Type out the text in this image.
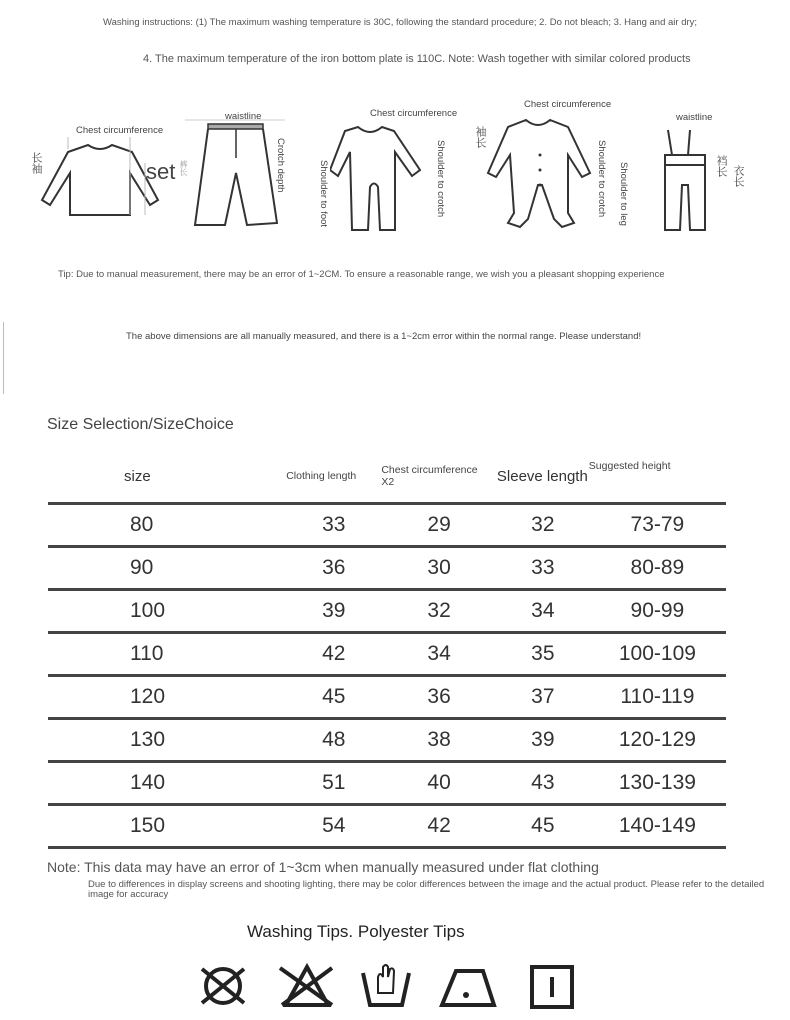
Washing instructions: (1) The maximum washing temperature is 30C, following the standard procedure; 2. Do not bleach; 3. Hang and air dry;
4. The maximum temperature of the iron bottom plate is 110C. Note: Wash together with similar colored products
Chest circumference
长袖	set 裤长
waistline
Crotch depth
Chest circumference
Shoulder to foot	Shoulder to crotch
Chest circumference
袖长
Shoulder to crotch Shoulder to leg
waistline
裆长 衣长
Tip: Due to manual measurement, there may be an error of 1~2CM. To ensure a reasonable range, we wish you a pleasant shopping experience
The above dimensions are all manually measured, and there is a 1~2cm error within the normal range. Please understand!
Size Selection/SizeChoice
size	Clothing length	Chest circumference X2	Sleeve length	Suggested height
80	33	29	32	73-79
90	36	30	33	80-89
100	39	32	34	90-99
110	42	34	35	100-109
120	45	36	37	110-119
130	48	38	39	120-129
140	51	40	43	130-139
150	54	42	45	140-149
Note: This data may have an error of 1~3cm when manually measured under flat clothing
Due to differences in display screens and shooting lighting, there may be color differences between the image and the actual product. Please refer to the detailed image for accuracy
Washing Tips. Polyester Tips
